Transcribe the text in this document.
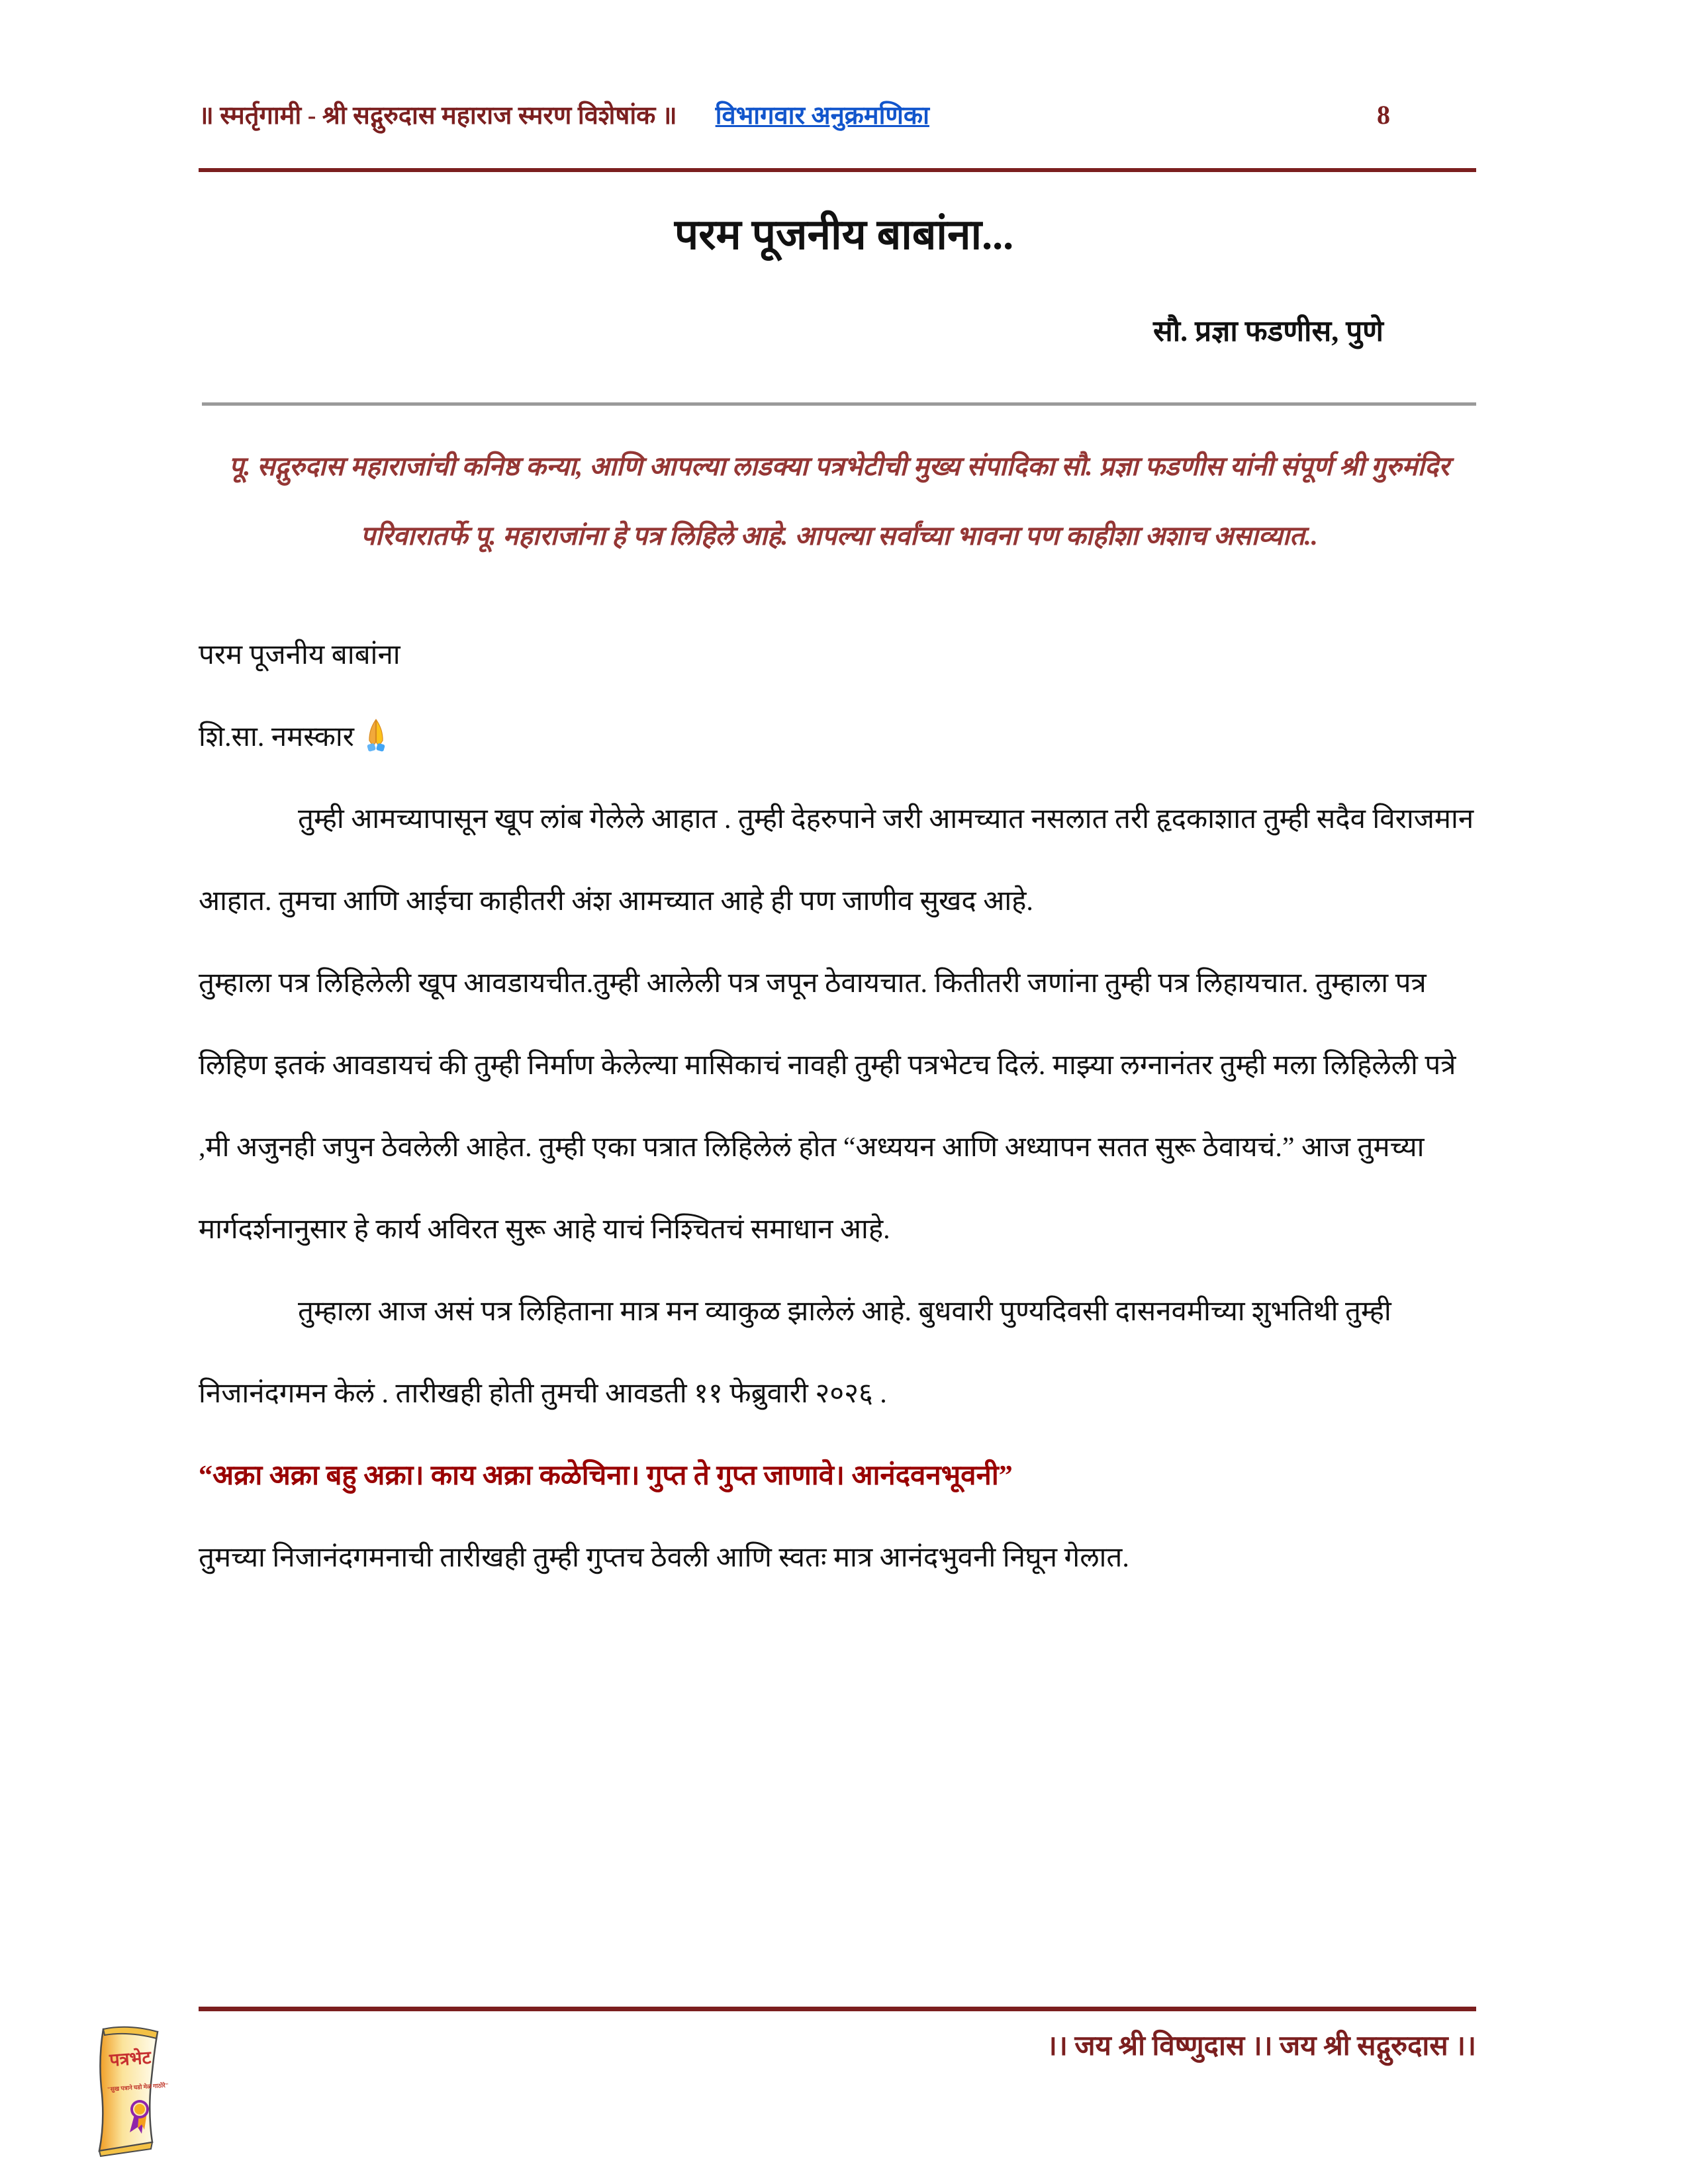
॥ स्मर्तृगामी - श्री सद्गुरुदास महाराज स्मरण विशेषांक ॥ विभागवार अनुक्रमणिका	8
परम पूजनीय बाबांना...
सौ. प्रज्ञा फडणीस, पुणे
पू. सद्गुरुदास महाराजांची कनिष्ठ कन्या, आणि आपल्या लाडक्या पत्रभेटीची मुख्य संपादिका सौ. प्रज्ञा फडणीस यांनी संपूर्ण श्री गुरुमंदिर परिवारातर्फे पू. महाराजांना हे पत्र लिहिले आहे. आपल्या सर्वांच्या भावना पण काहीशा अशाच असाव्यात..

परम पूजनीय बाबांना

शि.सा. नमस्कार

तुम्ही आमच्यापासून खूप लांब गेलेले आहात . तुम्ही देहरुपाने जरी आमच्यात नसलात तरी हृदकाशात तुम्ही सदैव विराजमान आहात. तुमचा आणि आईचा काहीतरी अंश आमच्यात आहे ही पण जाणीव सुखद आहे.

तुम्हाला पत्र लिहिलेली खूप आवडायचीत.तुम्ही आलेली पत्र जपून ठेवायचात. कितीतरी जणांना तुम्ही पत्र लिहायचात. तुम्हाला पत्र लिहिण इतकं आवडायचं की तुम्ही निर्माण केलेल्या मासिकाचं नावही तुम्ही पत्रभेटच दिलं. माझ्या लग्नानंतर तुम्ही मला लिहिलेली पत्रे ,मी अजुनही जपुन ठेवलेली आहेत. तुम्ही एका पत्रात लिहिलेलं होत “अध्ययन आणि अध्यापन सतत सुरू ठेवायचं.” आज तुमच्या मार्गदर्शनानुसार हे कार्य अविरत सुरू आहे याचं निश्चितचं समाधान आहे.

तुम्हाला आज असं पत्र लिहिताना मात्र मन व्याकुळ झालेलं आहे. बुधवारी पुण्यदिवसी दासनवमीच्या शुभतिथी तुम्ही निजानंदगमन केलं . तारीखही होती तुमची आवडती ११ फेब्रुवारी २०२६ .

“अक्रा अक्रा बहु अक्रा। काय अक्रा कळेचिना। गुप्त ते गुप्त जाणावे। आनंदवनभूवनी”

तुमच्या निजानंदगमनाची तारीखही तुम्ही गुप्तच ठेवली आणि स्वतः मात्र आनंदभुवनी निघून गेलात.

।। जय श्री विष्णुदास ।। जय श्री सद्गुरुदास ।।
पत्रभेट
"सुख पत्राने घडो मेळ गाठोरे"
